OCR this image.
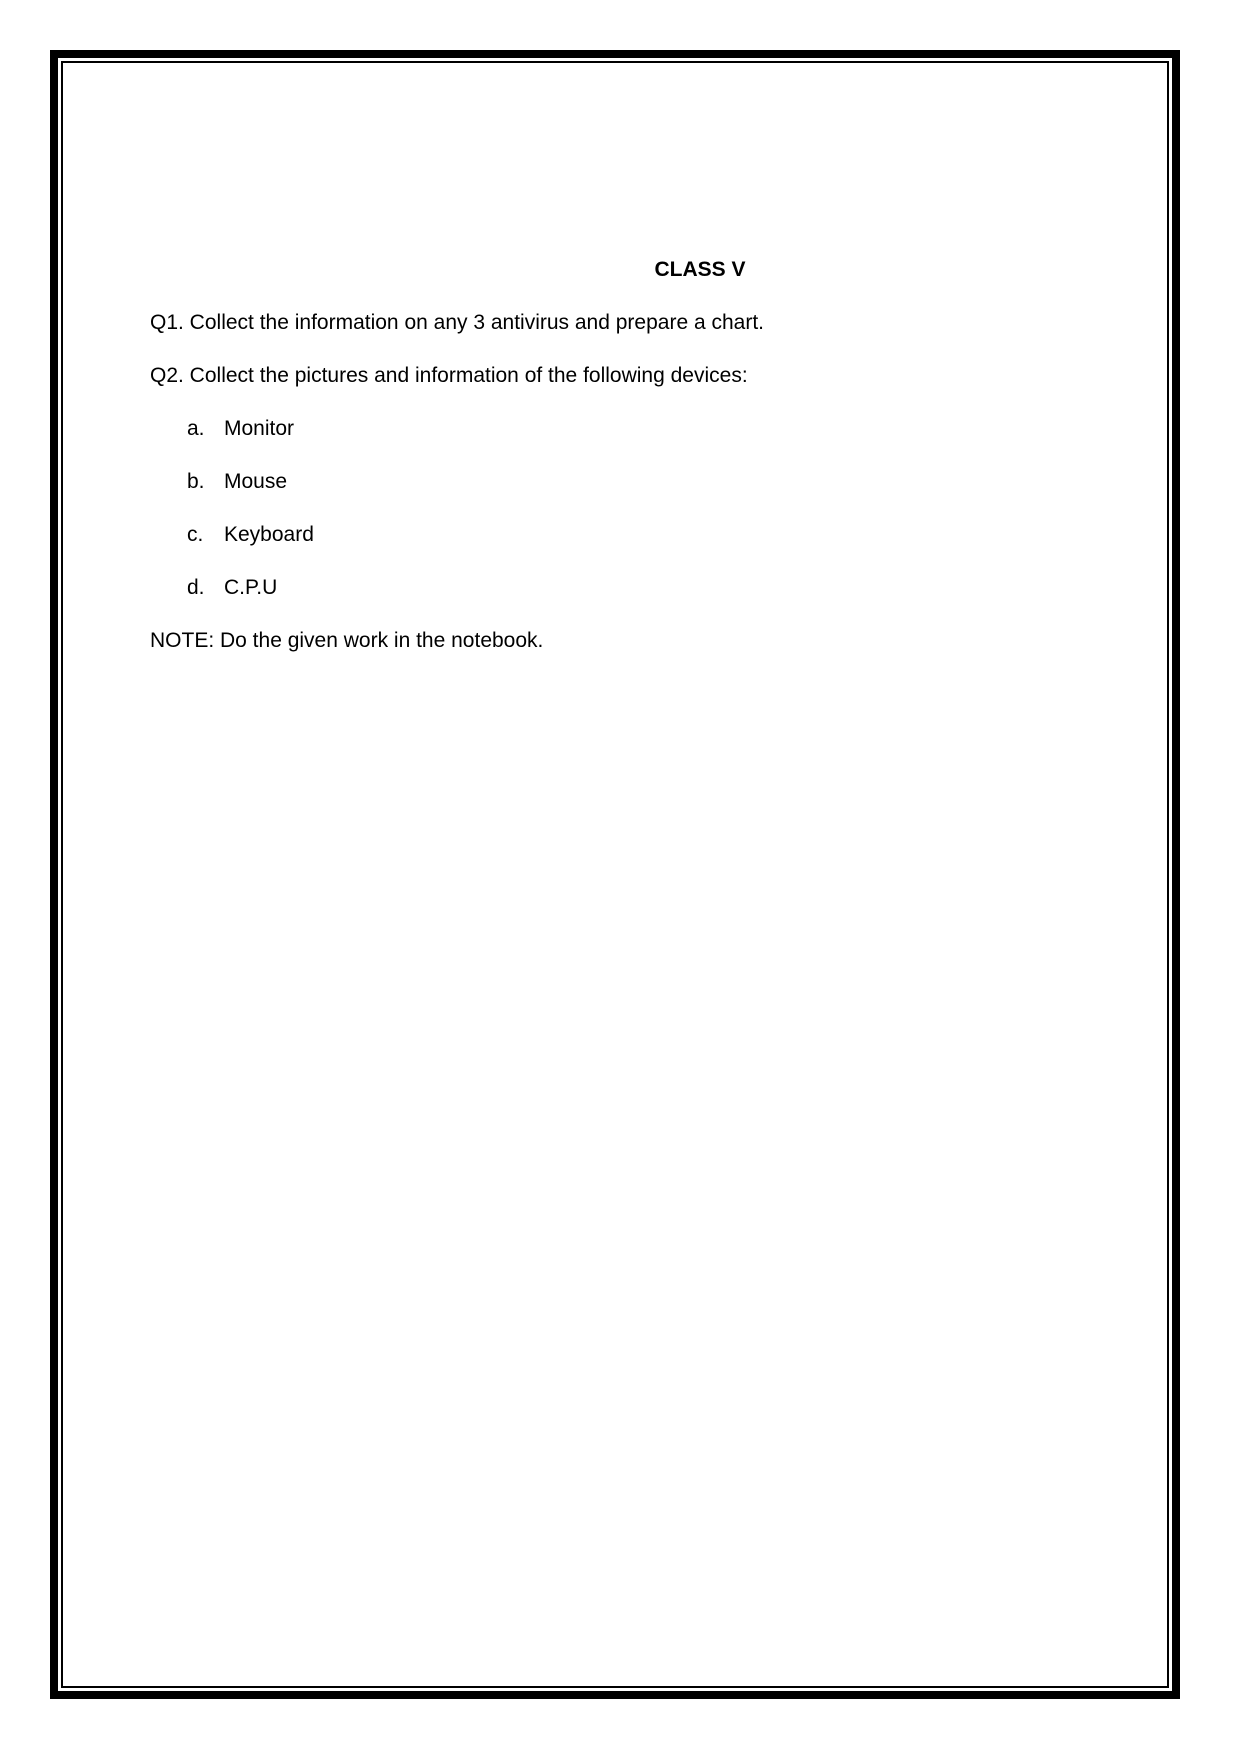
CLASS V

Q1. Collect the information on any 3 antivirus and prepare a chart.

Q2. Collect the pictures and information of the following devices:

a. Monitor
b. Mouse
c. Keyboard
d. C.P.U

NOTE: Do the given work in the notebook.
